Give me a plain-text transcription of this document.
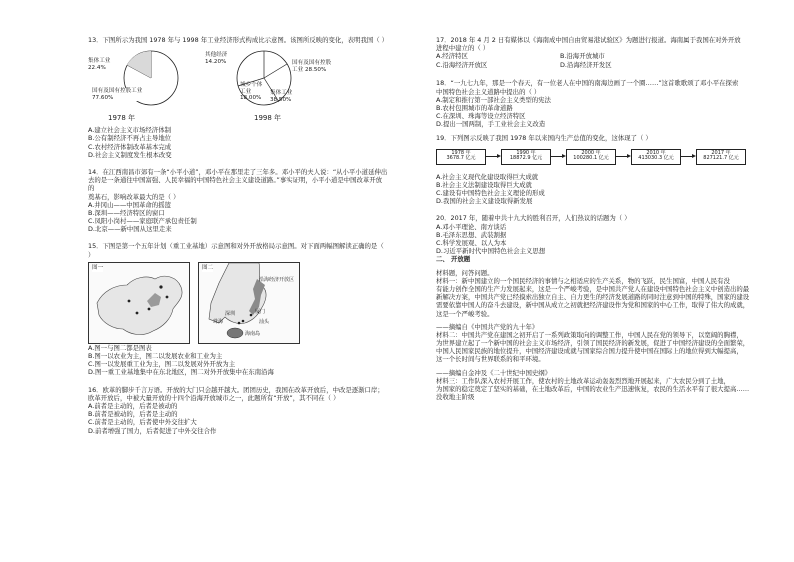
13．下图所示为我国 1978 年与 1998 年工业经济形式构成比示意图。该图所反映的变化，表明我国（ ）

集体工业 22.4%
国有及国有控股工业 77.60%
1978 年
其他经济 14.20%	国有及国有控股工业 28.50%
城乡个体工业 18.00%
集体工业 38.50%
1998 年

A.建立社会主义市场经济体制

B.公有制经济不再占主导地位

C.农村经济体制改革基本完成

D.社会主义制度发生根本改变

14．在江西南昌市郊有一条“小平小道”，邓小平在那里走了三年多。邓小平的夫人说：“从小平小道延伸出去的是一条通往中国富强、人民幸福的中国特色社会主义建设道路。”事实证明，小平小道是中国改革开放的

奠基石，影响改革最大的是（ ）

A.井冈山——中国革命的摇篮

B.深圳——经济特区的窗口

C.凤阳小岗村——家庭联产承包责任制

D.北京——新中国从这里走来

15．下图是第一个五年计划（重工业基地）示意图和对外开放格局示意图。对下面两幅图解读正确的是（ ）

图一	图二
沿海经济开放区
厦门
汕头
海南岛
深圳
珠海

A.图一与图二都是图表

B.图一以农业为主，图二以发展农业和工业为主

C.图一以发展重工业为主，图二以发展对外开放为主

D.图一重工业基地集中在东北地区，图二对外开放集中在东南沿海

16．欧革的脚步千言万语。开放的大门只会越开越大。团团历史，我国在改革开放后，中改是逐渐口岸；欧革开放后，中被大量开放的十四个沿海开放城市之一，此题所有“开放”，其不同在（ ）

A.前者是主动的，后者是被动的

B.前者是被动的，后者是主动的

C.前者是主动的，后者使中外交往扩大

D.前者增强了国力，后者促进了中外交往合作

17．2018 年 4 月 2 日有媒体以《海南成中国自由贸易港试验区》为题进行报道。海南属于我国在对外开放

进程中建立的（ ）

A.经济特区	B.沿海开放城市

C.沿海经济开放区	D.沿海经济开发区

18．“一九七九年，那是一个春天，有一位老人在中国的南海边画了一个圈……”这首歌歌颂了邓小平在探索

中国特色社会主义道路中提出的（ ）

A.制定和推行第一部社会主义类型的宪法

B.农村包围城市的革命道路

C.在深圳、珠海等设立经济特区

D.提出一国两制，手工业社会主义改造

19．下列图示反映了我国 1978 年以来国内生产总值的变化，这体现了（ ）

1978 年
3678.7 亿元
1990 年
18872.9 亿元
2000 年
100280.1 亿元
2010 年
413030.3 亿元
2017 年
827121.7 亿元

A.社会主义现代化建设取得巨大成就

B.社会主义法制建设取得巨大成就

C.建设有中国特色社会主义理论的形成

D.我国的社会主义建设取得新发展

20．2017 年，随着中共十九大的胜利召开，人们热议的话题为（ ）

A.邓小平理论、南方谈话

B.毛泽东思想、武装割据

C.科学发展观、以人为本

D.习近平新时代中国特色社会主义思想

二、 开放题

材料题，问答问题。

材料一：新中国建立的一个国民经济的事情与之相适应的生产关系，物的飞跃，民生国富，中国人民有没

有能力创作全国的生产力发展起来，这是一个严峻考验，是中国共产党人在建设中国特色社会主义中创造出的最

新解决方案，中国共产党已经摸索出独立自主、自力更生的经济发展道路的同时注意到中国的特殊，国家的建设

需要依靠中国人的奋斗去建设，新中国从成立之初就把经济建设作为党和国家的中心工作，取得了伟大的成就，

这是一个严峻考验。

——摘编自《中国共产党的九十年》

材料二：中国共产党在建国之初开启了一系列政策取向的调整工作，中国人民在党的领导下，以宽阔的胸襟，

为世界建立起了一个新中国的社会主义市场经济，引领了国民经济的新发展，促进了中国经济建设的全面繁荣，

中国人民国家民族的地位提升，中国经济建设成就与国家综合国力提升使中国在国际上的地位得到大幅提高，

这一个长时间与世界联系的和平环境。

——摘编自金冲及《二十世纪中国史纲》

材料三：工作队深入农村开展工作，使农村的土地改革运动轰轰烈烈地开展起来，广大农民分到了土地，

为国家的稳定奠定了坚实的基础，在土地改革后，中国的农业生产迅速恢复，农民的生活水平有了很大提高……

没收地主阶级
